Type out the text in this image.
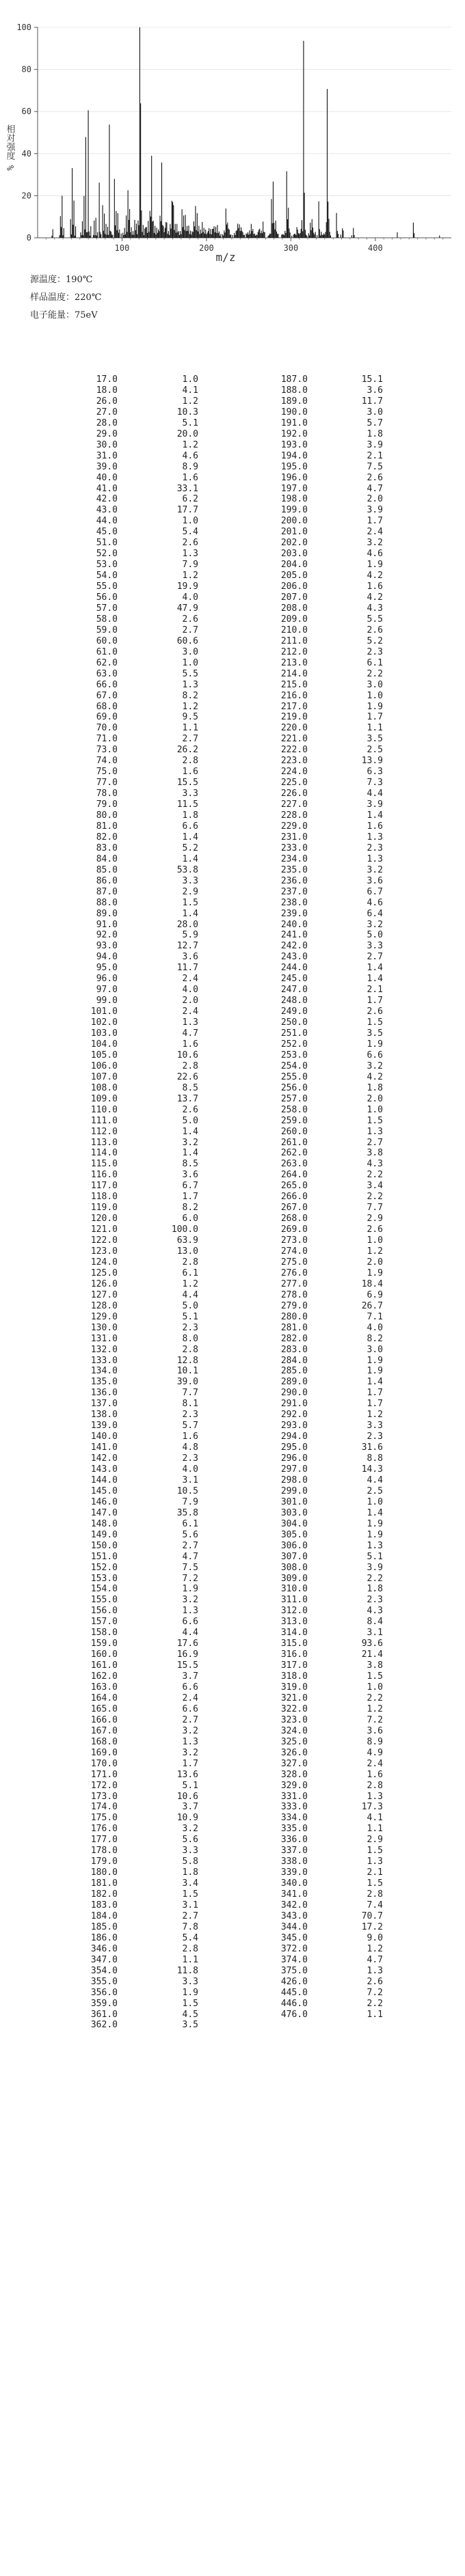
0
20
40
60
80
100
100	200	300	400
相对强度 %
m/z
源温度：190℃
样品温度：220℃
电子能量：75eV
17.0	1.0	187.0	15.1
18.0	4.1	188.0	3.6
26.0	1.2	189.0	11.7
27.0	10.3	190.0	3.0
28.0	5.1	191.0	5.7
29.0	20.0	192.0	1.8
30.0	1.2	193.0	3.9
31.0	4.6	194.0	2.1
39.0	8.9	195.0	7.5
40.0	1.6	196.0	2.6
41.0	33.1	197.0	4.7
42.0	6.2	198.0	2.0
43.0	17.7	199.0	3.9
44.0	1.0	200.0	1.7
45.0	5.4	201.0	2.4
51.0	2.6	202.0	3.2
52.0	1.3	203.0	4.6
53.0	7.9	204.0	1.9
54.0	1.2	205.0	4.2
55.0	19.9	206.0	1.6
56.0	4.0	207.0	4.2
57.0	47.9	208.0	4.3
58.0	2.6	209.0	5.5
59.0	2.7	210.0	2.6
60.0	60.6	211.0	5.2
61.0	3.0	212.0	2.3
62.0	1.0	213.0	6.1
63.0	5.5	214.0	2.2
66.0	1.3	215.0	3.0
67.0	8.2	216.0	1.0
68.0	1.2	217.0	1.9
69.0	9.5	219.0	1.7
70.0	1.1	220.0	1.1
71.0	2.7	221.0	3.5
73.0	26.2	222.0	2.5
74.0	2.8	223.0	13.9
75.0	1.6	224.0	6.3
77.0	15.5	225.0	7.3
78.0	3.3	226.0	4.4
79.0	11.5	227.0	3.9
80.0	1.8	228.0	1.4
81.0	6.6	229.0	1.6
82.0	1.4	231.0	1.3
83.0	5.2	233.0	2.3
84.0	1.4	234.0	1.3
85.0	53.8	235.0	3.2
86.0	3.3	236.0	3.6
87.0	2.9	237.0	6.7
88.0	1.5	238.0	4.6
89.0	1.4	239.0	6.4
91.0	28.0	240.0	3.2
92.0	5.9	241.0	5.0
93.0	12.7	242.0	3.3
94.0	3.6	243.0	2.7
95.0	11.7	244.0	1.4
96.0	2.4	245.0	1.4
97.0	4.0	247.0	2.1
99.0	2.0	248.0	1.7
101.0	2.4	249.0	2.6
102.0	1.3	250.0	1.5
103.0	4.7	251.0	3.5
104.0	1.6	252.0	1.9
105.0	10.6	253.0	6.6
106.0	2.8	254.0	3.2
107.0	22.6	255.0	4.2
108.0	8.5	256.0	1.8
109.0	13.7	257.0	2.0
110.0	2.6	258.0	1.0
111.0	5.0	259.0	1.5
112.0	1.4	260.0	1.3
113.0	3.2	261.0	2.7
114.0	1.4	262.0	3.8
115.0	8.5	263.0	4.3
116.0	3.6	264.0	2.2
117.0	6.7	265.0	3.4
118.0	1.7	266.0	2.2
119.0	8.2	267.0	7.7
120.0	6.0	268.0	2.9
121.0	100.0	269.0	2.6
122.0	63.9	273.0	1.0
123.0	13.0	274.0	1.2
124.0	2.8	275.0	2.0
125.0	6.1	276.0	1.9
126.0	1.2	277.0	18.4
127.0	4.4	278.0	6.9
128.0	5.0	279.0	26.7
129.0	5.1	280.0	7.1
130.0	2.3	281.0	4.0
131.0	8.0	282.0	8.2
132.0	2.8	283.0	3.0
133.0	12.8	284.0	1.9
134.0	10.1	285.0	1.9
135.0	39.0	289.0	1.4
136.0	7.7	290.0	1.7
137.0	8.1	291.0	1.7
138.0	2.3	292.0	1.2
139.0	5.7	293.0	3.3
140.0	1.6	294.0	2.3
141.0	4.8	295.0	31.6
142.0	2.3	296.0	8.8
143.0	4.0	297.0	14.3
144.0	3.1	298.0	4.4
145.0	10.5	299.0	2.5
146.0	7.9	301.0	1.0
147.0	35.8	303.0	1.4
148.0	6.1	304.0	1.9
149.0	5.6	305.0	1.9
150.0	2.7	306.0	1.3
151.0	4.7	307.0	5.1
152.0	7.5	308.0	3.9
153.0	7.2	309.0	2.2
154.0	1.9	310.0	1.8
155.0	3.2	311.0	2.3
156.0	1.3	312.0	4.3
157.0	6.6	313.0	8.4
158.0	4.4	314.0	3.1
159.0	17.6	315.0	93.6
160.0	16.9	316.0	21.4
161.0	15.5	317.0	3.8
162.0	3.7	318.0	1.5
163.0	6.6	319.0	1.0
164.0	2.4	321.0	2.2
165.0	6.6	322.0	1.2
166.0	2.7	323.0	7.2
167.0	3.2	324.0	3.6
168.0	1.3	325.0	8.9
169.0	3.2	326.0	4.9
170.0	1.7	327.0	2.4
171.0	13.6	328.0	1.6
172.0	5.1	329.0	2.8
173.0	10.6	331.0	1.3
174.0	3.7	333.0	17.3
175.0	10.9	334.0	4.1
176.0	3.2	335.0	1.1
177.0	5.6	336.0	2.9
178.0	3.3	337.0	1.5
179.0	5.8	338.0	1.3
180.0	1.8	339.0	2.1
181.0	3.4	340.0	1.5
182.0	1.5	341.0	2.8
183.0	3.1	342.0	7.4
184.0	2.7	343.0	70.7
185.0	7.8	344.0	17.2
186.0	5.4	345.0	9.0
346.0	2.8	372.0	1.2
347.0	1.1	374.0	4.7
354.0	11.8	375.0	1.3
355.0	3.3	426.0	2.6
356.0	1.9	445.0	7.2
359.0	1.5	446.0	2.2
361.0	4.5	476.0	1.1
362.0	3.5
